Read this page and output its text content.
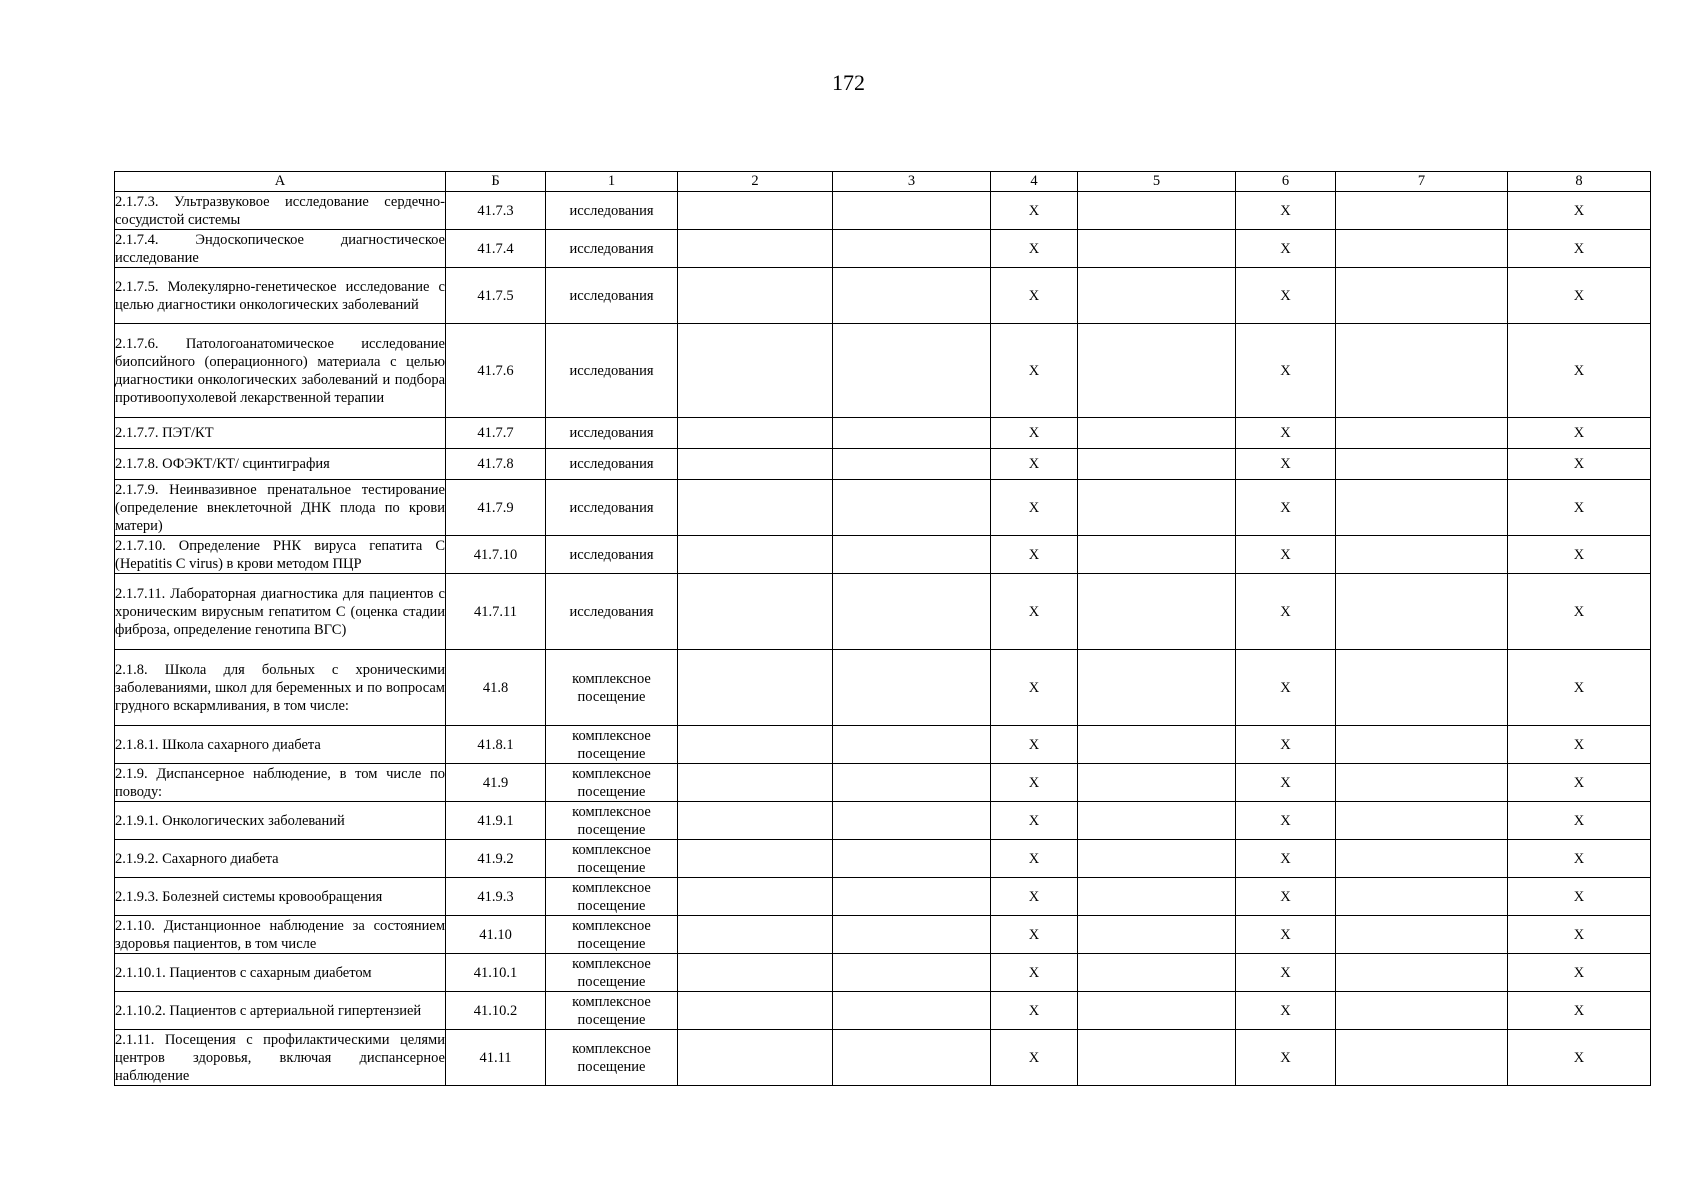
172
А	Б	1	2	3	4	5	6	7	8
2.1.7.3. Ультразвуковое исследование сердечно-сосудистой системы	41.7.3	исследования			Х		Х		Х
2.1.7.4. Эндоскопическое диагностическое исследование	41.7.4	исследования			Х		Х		Х
2.1.7.5. Молекулярно-генетическое исследование с целью диагностики онкологических заболеваний	41.7.5	исследования			Х		Х		Х
2.1.7.6. Патологоанатомическое исследование биопсийного (операционного) материала с целью диагностики онкологических заболеваний и подбора противоопухолевой лекарственной терапии	41.7.6	исследования			Х		Х		Х
2.1.7.7. ПЭТ/КТ	41.7.7	исследования			Х		Х		Х
2.1.7.8. ОФЭКТ/КТ/ сцинтиграфия	41.7.8	исследования			Х		Х		Х
2.1.7.9. Неинвазивное пренатальное тестирование (определение внеклеточной ДНК плода по крови матери)	41.7.9	исследования			Х		Х		Х
2.1.7.10. Определение РНК вируса гепатита С (Hepatitis C virus) в крови методом ПЦР	41.7.10	исследования			Х		Х		Х
2.1.7.11. Лабораторная диагностика для пациентов с хроническим вирусным гепатитом С (оценка стадии фиброза, определение генотипа ВГС)	41.7.11	исследования			Х		Х		Х
2.1.8. Школа для больных с хроническими заболеваниями, школ для беременных и по вопросам грудного вскармливания, в том числе:	41.8	комплексное посещение			Х		Х		Х
2.1.8.1. Школа сахарного диабета	41.8.1	комплексное посещение			Х		Х		Х
2.1.9. Диспансерное наблюдение, в том числе по поводу:	41.9	комплексное посещение			Х		Х		Х
2.1.9.1. Онкологических заболеваний	41.9.1	комплексное посещение			Х		Х		Х
2.1.9.2. Сахарного диабета	41.9.2	комплексное посещение			Х		Х		Х
2.1.9.3. Болезней системы кровообращения	41.9.3	комплексное посещение			Х		Х		Х
2.1.10. Дистанционное наблюдение за состоянием здоровья пациентов, в том числе	41.10	комплексное посещение			Х		Х		Х
2.1.10.1. Пациентов с сахарным диабетом	41.10.1	комплексное посещение			Х		Х		Х
2.1.10.2. Пациентов с артериальной гипертензией	41.10.2	комплексное посещение			Х		Х		Х
2.1.11. Посещения с профилактическими целями центров здоровья, включая диспансерное наблюдение	41.11	комплексное посещение			Х		Х		Х
